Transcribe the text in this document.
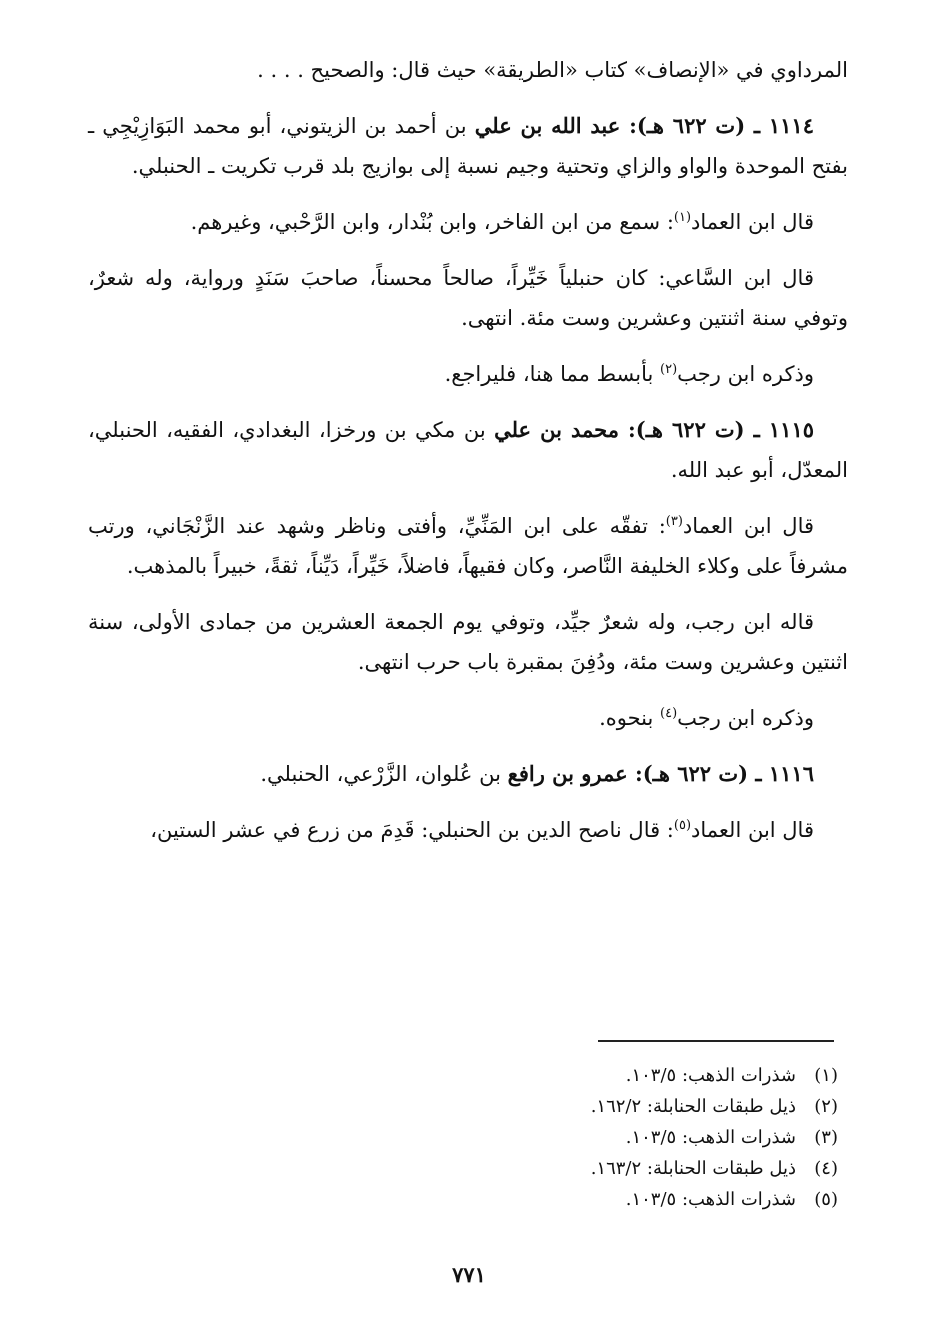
المرداوي في «الإنصاف» كتاب «الطريقة» حيث قال: والصحيح . . . .

١١١٤ ـ (ت ٦٢٢ هـ): عبد الله بن علي بن أحمد بن الزيتوني، أبو محمد البَوَازِيْجِي ـ بفتح الموحدة والواو والزاي وتحتية وجيم نسبة إلى بوازيج بلد قرب تكريت ـ الحنبلي.

قال ابن العماد$^{(١)}$: سمع من ابن الفاخر، وابن بُنْدار، وابن الرَّحْبي، وغيرهم.

قال ابن السَّاعي: كان حنبلياً خَيِّراً، صالحاً محسناً، صاحبَ سَنَدٍ ورواية، وله شعرٌ، وتوفي سنة اثنتين وعشرين وست مئة. انتهى.

وذكره ابن رجب$^{(٢)}$ بأبسط مما هنا، فليراجع.

١١١٥ ـ (ت ٦٢٢ هـ): محمد بن علي بن مكي بن ورخزا، البغدادي، الفقيه، الحنبلي، المعدّل، أبو عبد الله.

قال ابن العماد$^{(٣)}$: تفقّه على ابن المَنِّيِّ، وأفتى وناظر وشهد عند الزَّنْجَاني، ورتب مشرفاً على وكلاء الخليفة النَّاصر، وكان فقيهاً، فاضلاً، خَيِّراً، دَيِّناً، ثقةً، خبيراً بالمذهب.

قاله ابن رجب، وله شعرٌ جيِّد، وتوفي يوم الجمعة العشرين من جمادى الأولى، سنة اثنتين وعشرين وست مئة، ودُفِنَ بمقبرة باب حرب انتهى.

وذكره ابن رجب$^{(٤)}$ بنحوه.

١١١٦ ـ (ت ٦٢٢ هـ): عمرو بن رافع بن عُلوان، الزَّرْعي، الحنبلي.

قال ابن العماد$^{(٥)}$: قال ناصح الدين بن الحنبلي: قَدِمَ من زرع في عشر الستين،

(١)شذرات الذهب: ١٠٣/٥.
(٢)ذيل طبقات الحنابلة: ١٦٢/٢.
(٣)شذرات الذهب: ١٠٣/٥.
(٤)ذيل طبقات الحنابلة: ١٦٣/٢.
(٥)شذرات الذهب: ١٠٣/٥.
٧٧١
